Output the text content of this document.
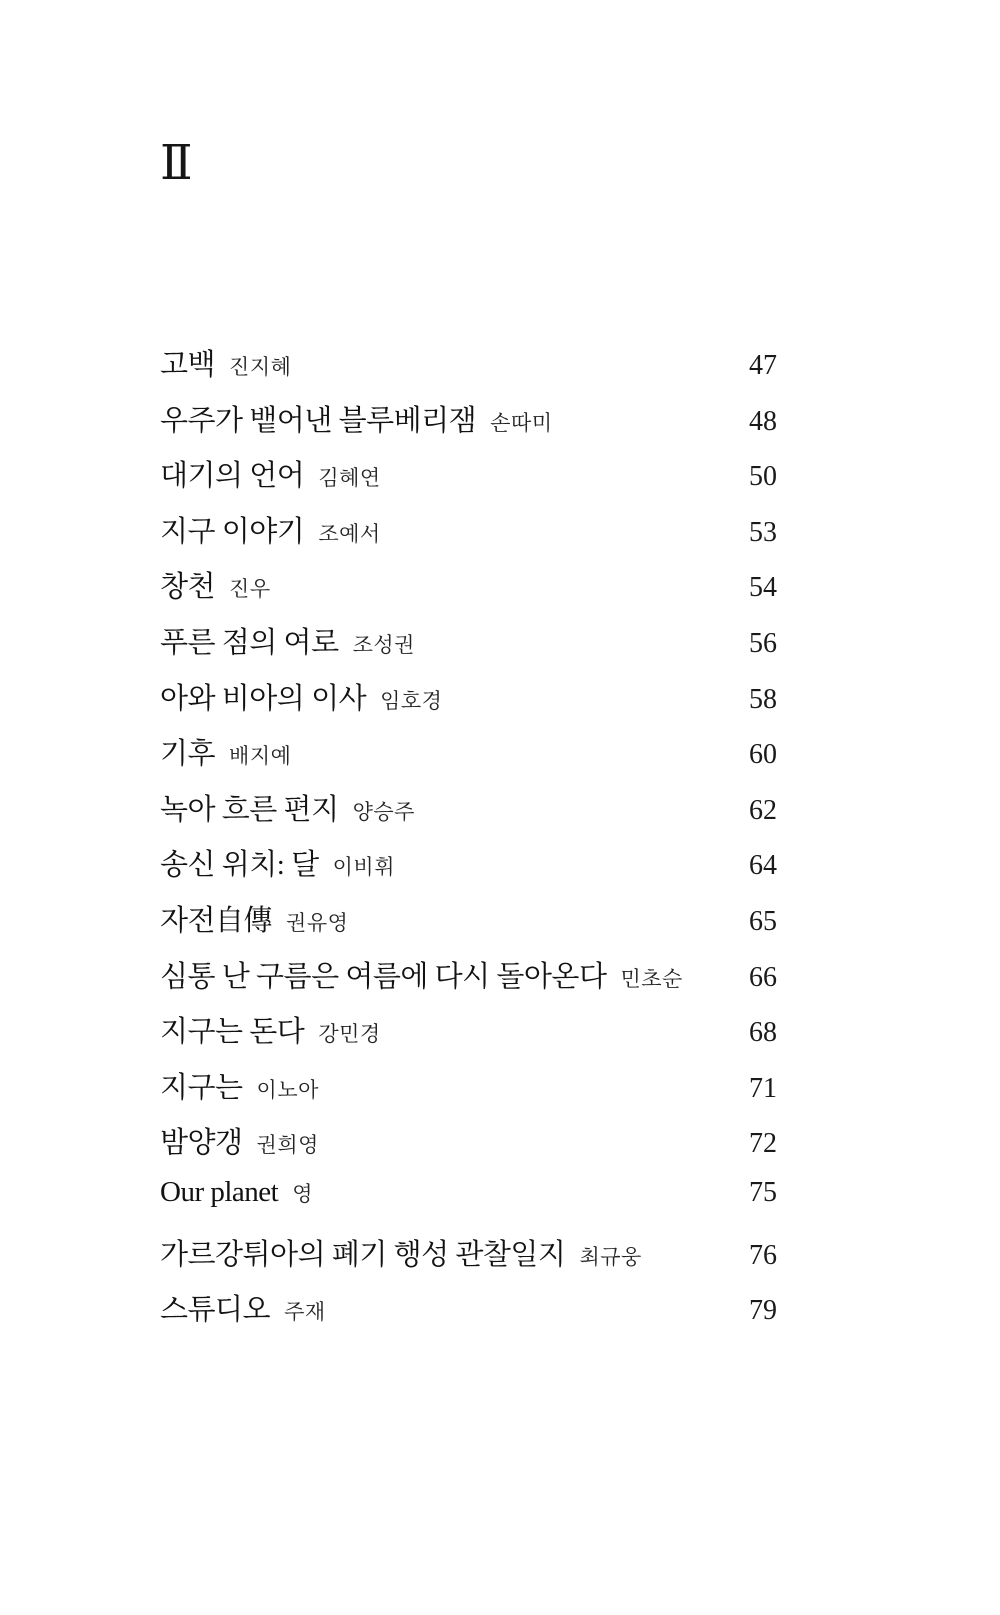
Ⅱ
고백 진지혜	47
우주가 뱉어낸 블루베리잼 손따미	48
대기의 언어 김혜연	50
지구 이야기 조예서	53
창천 진우	54
푸른 점의 여로 조성권	56
아와 비아의 이사 임호경	58
기후 배지예	60
녹아 흐른 편지 양승주	62
송신 위치: 달 이비휘	64
자전自傳 권유영	65
심통 난 구름은 여름에 다시 돌아온다 민초순 66
지구는 돈다 강민경	68
지구는 이노아	71
밤양갱 권희영	72
Our planet 영	75
가르강튀아의 폐기 행성 관찰일지 최규웅	76
스튜디오 주재	79
